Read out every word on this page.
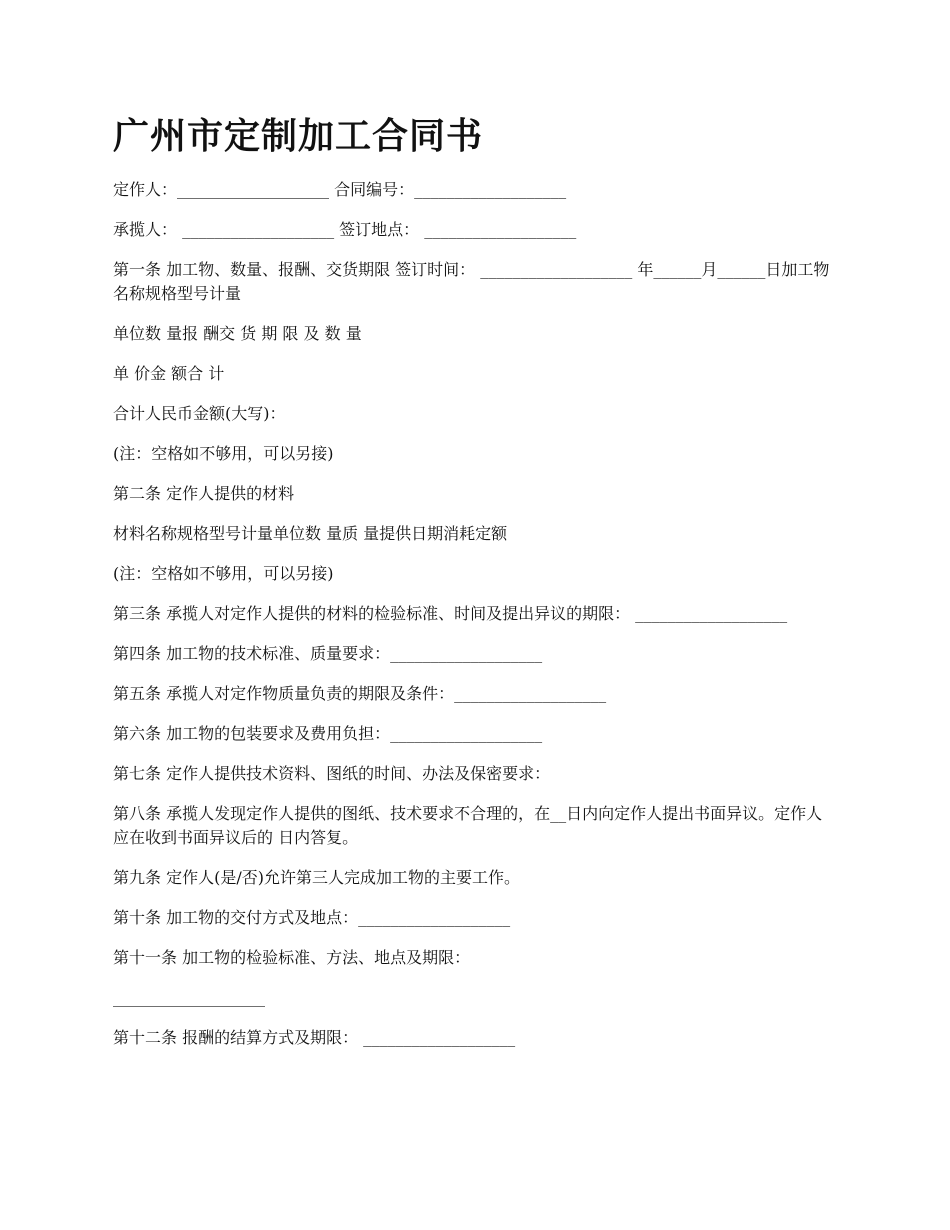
广州市定制加工合同书
定作人：___________________ 合同编号：___________________
承揽人： ___________________ 签订地点： ___________________
第一条 加工物、数量、报酬、交货期限 签订时间： ___________________ 年______月______日加工物名称规格型号计量
单位数 量报 酬交 货 期 限 及 数 量
单 价金 额合 计
合计人民币金额(大写)：
(注：空格如不够用，可以另接)
第二条 定作人提供的材料
材料名称规格型号计量单位数 量质 量提供日期消耗定额
(注：空格如不够用，可以另接)
第三条 承揽人对定作人提供的材料的检验标准、时间及提出异议的期限： ___________________
第四条 加工物的技术标准、质量要求：___________________
第五条 承揽人对定作物质量负责的期限及条件：___________________
第六条 加工物的包装要求及费用负担：___________________
第七条 定作人提供技术资料、图纸的时间、办法及保密要求：
第八条 承揽人发现定作人提供的图纸、技术要求不合理的，在__日内向定作人提出书面异议。定作人应在收到书面异议后的 日内答复。
第九条 定作人(是/否)允许第三人完成加工物的主要工作。
第十条 加工物的交付方式及地点：___________________
第十一条 加工物的检验标准、方法、地点及期限：
___________________
第十二条 报酬的结算方式及期限： ___________________
